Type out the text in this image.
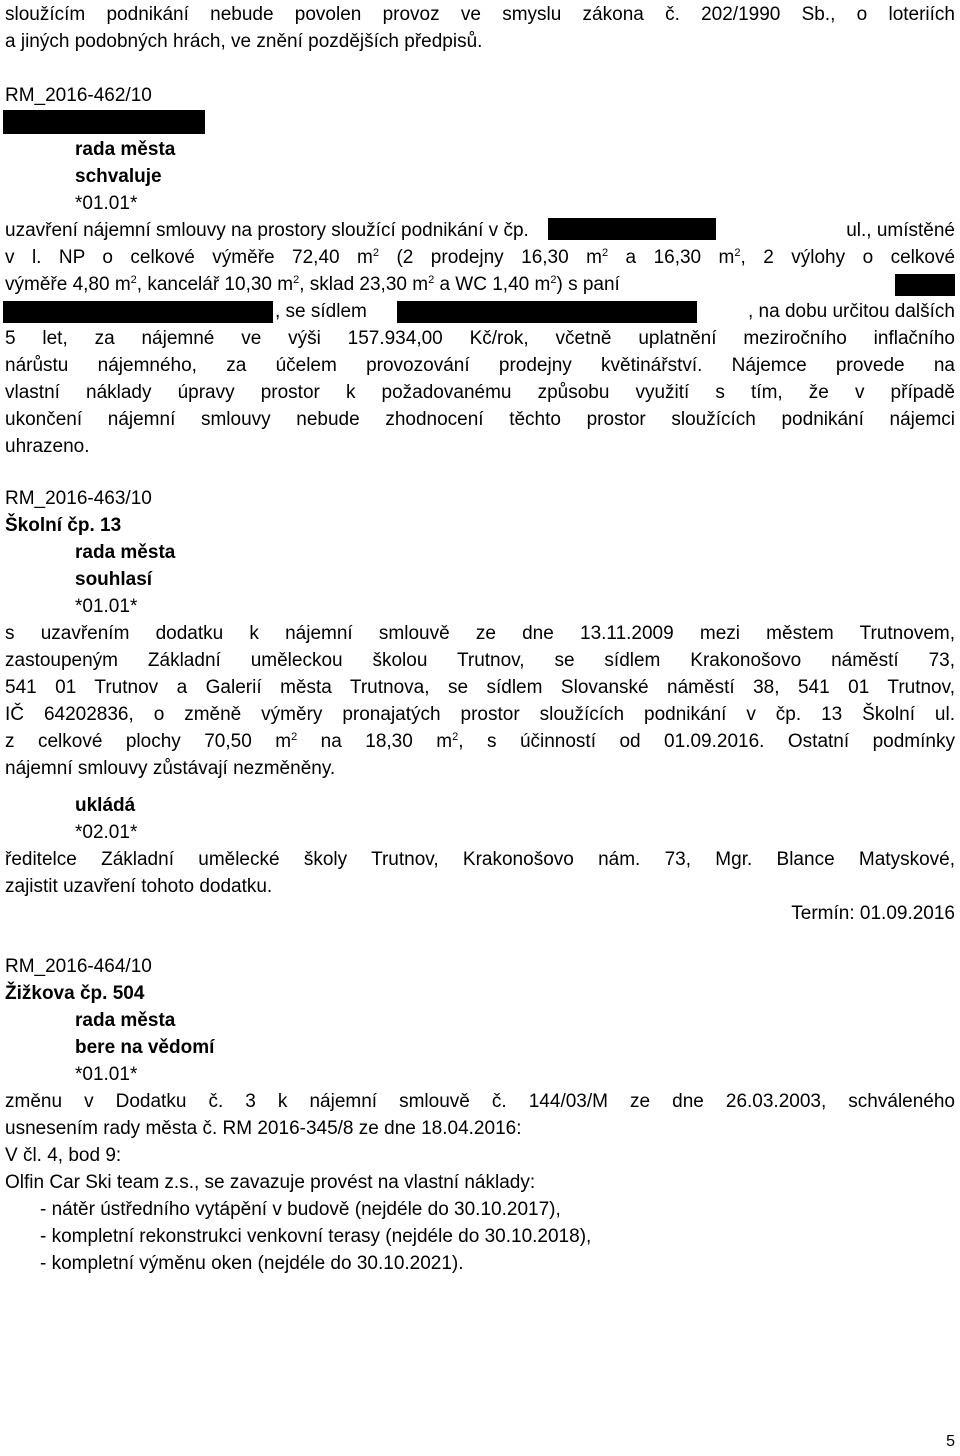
sloužícím podnikání nebude povolen provoz ve smyslu zákona č. 202/1990 Sb., o loteriích
a jiných podobných hrách, ve znění pozdějších předpisů.
RM_2016-462/10
rada města
schvaluje
*01.01*
uzavření nájemní smlouvy na prostory sloužící podnikání v čp.	ul., umístěné
v l. NP o celkové výměře 72,40 $m^2$ (2 prodejny 16,30 $m^2$ a 16,30 $m^2$, 2 výlohy o celkové
výměře 4,80 $m^2$, kancelář 10,30 $m^2$, sklad 23,30 $m^2$ a WC 1,40 $m^2$) s paní
, se sídlem	, na dobu určitou dalších
5 let, za nájemné ve výši 157.934,00 Kč/rok, včetně uplatnění meziročního inflačního
nárůstu nájemného, za účelem provozování prodejny květinářství. Nájemce provede na
vlastní náklady úpravy prostor k požadovanému způsobu využití s tím, že v případě
ukončení nájemní smlouvy nebude zhodnocení těchto prostor sloužících podnikání nájemci
uhrazeno.
RM_2016-463/10
Školní čp. 13
rada města
souhlasí
*01.01*
s uzavřením dodatku k nájemní smlouvě ze dne 13.11.2009 mezi městem Trutnovem,
zastoupeným Základní uměleckou školou Trutnov, se sídlem Krakonošovo náměstí 73,
541 01 Trutnov a Galerií města Trutnova, se sídlem Slovanské náměstí 38, 541 01 Trutnov,
IČ 64202836, o změně výměry pronajatých prostor sloužících podnikání v čp. 13 Školní ul.
z celkové plochy 70,50 $m^2$ na 18,30 $m^2$, s účinností od 01.09.2016. Ostatní podmínky
nájemní smlouvy zůstávají nezměněny.
ukládá
*02.01*
ředitelce Základní umělecké školy Trutnov, Krakonošovo nám. 73, Mgr. Blance Matyskové,
zajistit uzavření tohoto dodatku.
Termín: 01.09.2016
RM_2016-464/10
Žižkova čp. 504
rada města
bere na vědomí
*01.01*
změnu v Dodatku č. 3 k nájemní smlouvě č. 144/03/M ze dne 26.03.2003, schváleného
usnesením rady města č. RM 2016-345/8 ze dne 18.04.2016:
V čl. 4, bod 9:
Olfin Car Ski team z.s., se zavazuje provést na vlastní náklady:
- nátěr ústředního vytápění v budově (nejdéle do 30.10.2017),
- kompletní rekonstrukci venkovní terasy (nejdéle do 30.10.2018),
- kompletní výměnu oken (nejdéle do 30.10.2021).
5
